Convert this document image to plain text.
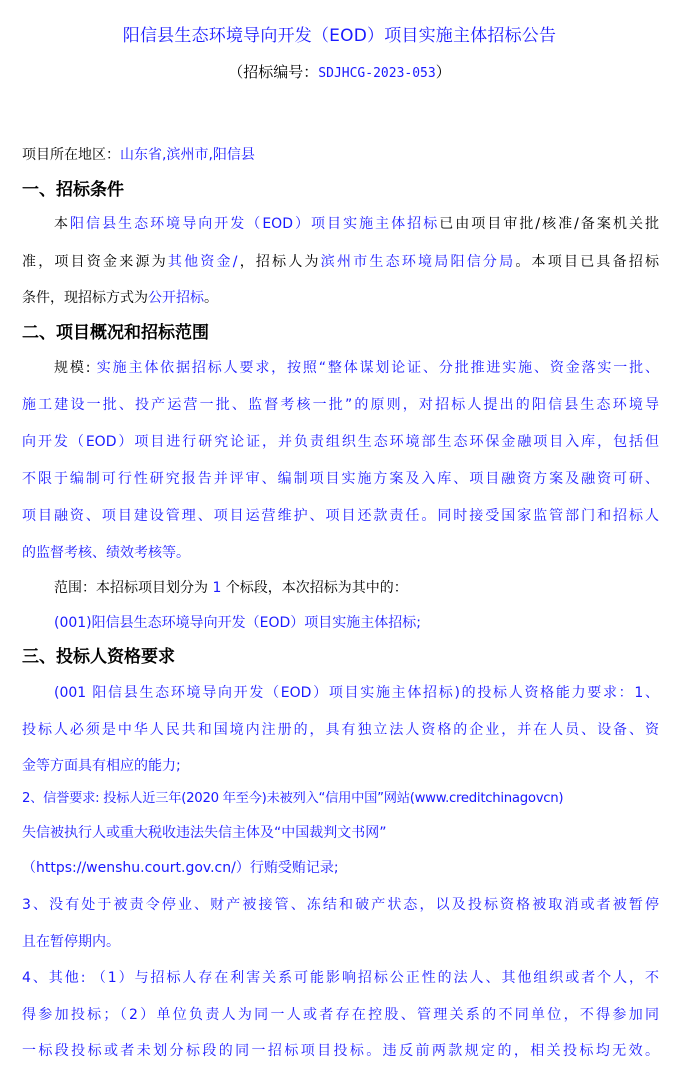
阳信县生态环境导向开发（EOD）项目实施主体招标公告
（招标编号：SDJHCG-2023-053）
项目所在地区：山东省,滨州市,阳信县
一、招标条件
本阳信县生态环境导向开发（EOD）项目实施主体招标已由项目审批/核准/备案机关批
准，项目资金来源为其他资金/，招标人为滨州市生态环境局阳信分局。本项目已具备招标
条件，现招标方式为公开招标。
二、项目概况和招标范围
规模: 实施主体依据招标人要求，按照“整体谋划论证、分批推进实施、资金落实一批、
施工建设一批、投产运营一批、监督考核一批”的原则，对招标人提出的阳信县生态环境导
向开发（EOD）项目进行研究论证，并负责组织生态环境部生态环保金融项目入库，包括但
不限于编制可行性研究报告并评审、编制项目实施方案及入库、项目融资方案及融资可研、
项目融资、项目建设管理、项目运营维护、项目还款责任。同时接受国家监管部门和招标人
的监督考核、绩效考核等。
范围：本招标项目划分为 1 个标段，本次招标为其中的：
(001)阳信县生态环境导向开发（EOD）项目实施主体招标;
三、投标人资格要求
(001 阳信县生态环境导向开发（EOD）项目实施主体招标)的投标人资格能力要求：1、
投标人必须是中华人民共和国境内注册的，具有独立法人资格的企业，并在人员、设备、资
金等方面具有相应的能力;
2、信誉要求: 投标人近三年(2020 年至今)未被列入“信用中国”网站(www.creditchinagovcn)
失信被执行人或重大税收违法失信主体及“中国裁判文书网”
（https://wenshu.court.gov.cn/）行贿受贿记录;
3、没有处于被责令停业、财产被接管、冻结和破产状态，以及投标资格被取消或者被暂停
且在暂停期内。
4、其他: （1）与招标人存在利害关系可能影响招标公正性的法人、其他组织或者个人，不
得参加投标；（2）单位负责人为同一人或者存在控股、管理关系的不同单位，不得参加同
一标段投标或者未划分标段的同一招标项目投标。违反前两款规定的，相关投标均无效。
